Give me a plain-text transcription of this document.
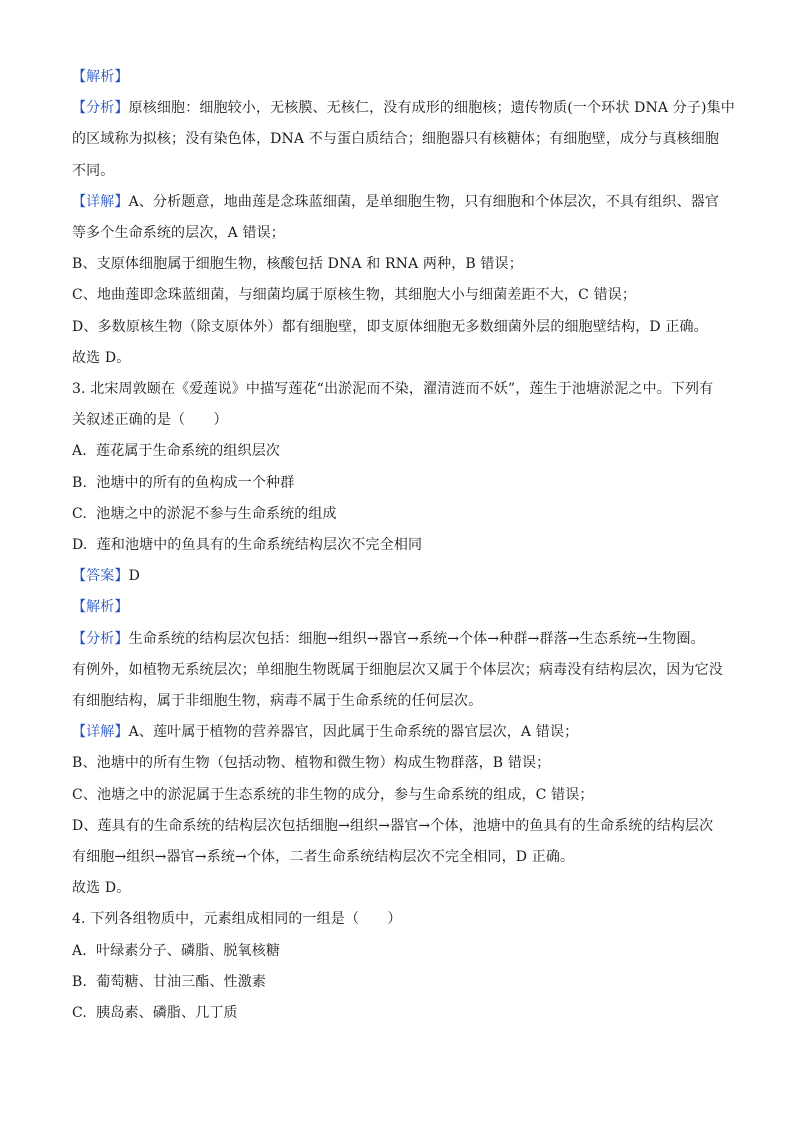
【解析】
【分析】原核细胞：细胞较小，无核膜、无核仁，没有成形的细胞核；遗传物质(一个环状 DNA 分子)集中
的区域称为拟核；没有染色体，DNA 不与蛋白质结合；细胞器只有核糖体；有细胞壁，成分与真核细胞
不同。
【详解】A、分析题意，地曲莲是念珠蓝细菌，是单细胞生物，只有细胞和个体层次，不具有组织、器官
等多个生命系统的层次，A 错误；
B、支原体细胞属于细胞生物，核酸包括 DNA 和 RNA 两种，B 错误；
C、地曲莲即念珠蓝细菌，与细菌均属于原核生物，其细胞大小与细菌差距不大，C 错误；
D、多数原核生物（除支原体外）都有细胞壁，即支原体细胞无多数细菌外层的细胞壁结构，D 正确。
故选 D。
3. 北宋周敦颐在《爱莲说》中描写莲花“出淤泥而不染，濯清涟而不妖”，莲生于池塘淤泥之中。下列有
关叙述正确的是（　　）
A.  莲花属于生命系统的组织层次
B.  池塘中的所有的鱼构成一个种群
C.  池塘之中的淤泥不参与生命系统的组成
D.  莲和池塘中的鱼具有的生命系统结构层次不完全相同
【答案】D
【解析】
【分析】生命系统的结构层次包括：细胞→组织→器官→系统→个体→种群→群落→生态系统→生物圈。
有例外，如植物无系统层次；单细胞生物既属于细胞层次又属于个体层次；病毒没有结构层次，因为它没
有细胞结构，属于非细胞生物，病毒不属于生命系统的任何层次。
【详解】A、莲叶属于植物的营养器官，因此属于生命系统的器官层次，A 错误；
B、池塘中的所有生物（包括动物、植物和微生物）构成生物群落，B 错误；
C、池塘之中的淤泥属于生态系统的非生物的成分，参与生命系统的组成，C 错误；
D、莲具有的生命系统的结构层次包括细胞→组织→器官→个体，池塘中的鱼具有的生命系统的结构层次
有细胞→组织→器官→系统→个体，二者生命系统结构层次不完全相同，D 正确。
故选 D。
4. 下列各组物质中，元素组成相同的一组是（　　）
A.  叶绿素分子、磷脂、脱氧核糖
B.  葡萄糖、甘油三酯、性激素
C.  胰岛素、磷脂、几丁质
